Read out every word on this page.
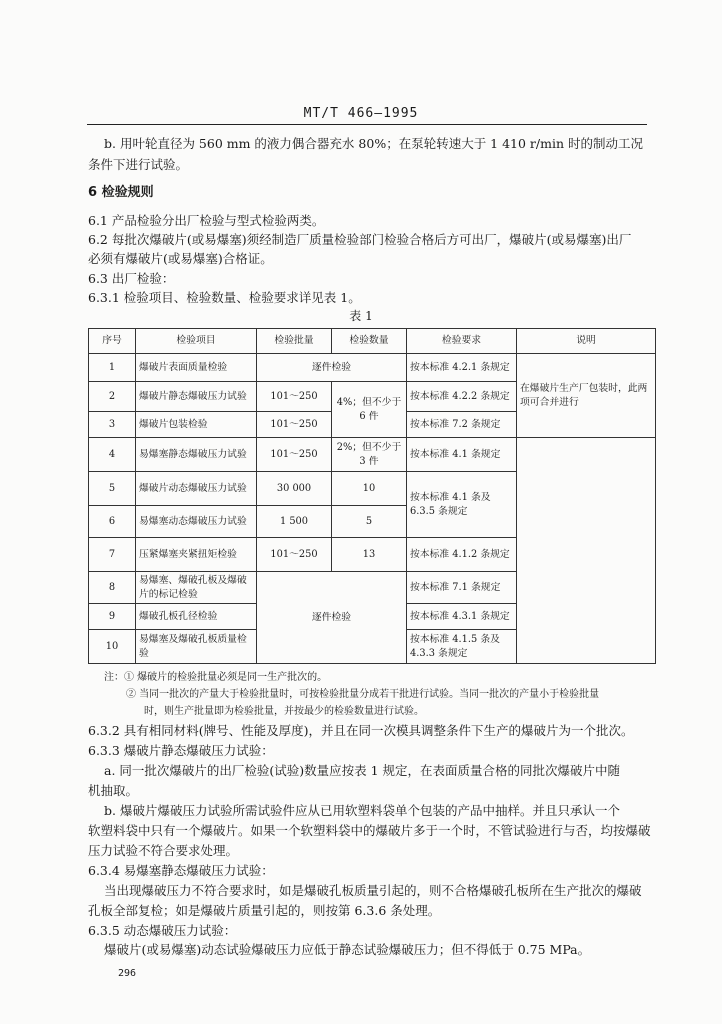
MT/T 466—1995
b. 用叶轮直径为 560 mm 的液力偶合器充水 80%；在泵轮转速大于 1 410 r/min 时的制动工况
条件下进行试验。
6 检验规则
6.1 产品检验分出厂检验与型式检验两类。
6.2 每批次爆破片(或易爆塞)须经制造厂质量检验部门检验合格后方可出厂，爆破片(或易爆塞)出厂
必须有爆破片(或易爆塞)合格证。
6.3 出厂检验：
6.3.1 检验项目、检验数量、检验要求详见表 1。
表 1
序号	检验项目	检验批量	检验数量	检验要求	说明
1	爆破片表面质量检验	逐件检验		按本标准 4.2.1 条规定	在爆破片生产厂包装时，此两项可合并进行
2	爆破片静态爆破压力试验	101～250	4%；但不少于 6 件	按本标准 4.2.2 条规定	
3	爆破片包装检验	101～250		按本标准 7.2 条规定	
4	易爆塞静态爆破压力试验	101～250	2%；但不少于 3 件	按本标准 4.1 条规定	
5	爆破片动态爆破压力试验	30 000	10	按本标准 4.1 条及 6.3.5 条规定	
6	易爆塞动态爆破压力试验	1 500	5		
7	压紧爆塞夹紧扭矩检验	101～250	13	按本标准 4.1.2 条规定	
8	易爆塞、爆破孔板及爆破片的标记检验	逐件检验		按本标准 7.1 条规定	
9	爆破孔板孔径检验			按本标准 4.3.1 条规定	
10	易爆塞及爆破孔板质量检验			按本标准 4.1.5 条及 4.3.3 条规定	
注：① 爆破片的检验批量必须是同一生产批次的。
② 当同一批次的产量大于检验批量时，可按检验批量分成若干批进行试验。当同一批次的产量小于检验批量
时，则生产批量即为检验批量，并按最少的检验数量进行试验。
6.3.2 具有相同材料(牌号、性能及厚度)，并且在同一次模具调整条件下生产的爆破片为一个批次。
6.3.3 爆破片静态爆破压力试验：
a. 同一批次爆破片的出厂检验(试验)数量应按表 1 规定，在表面质量合格的同批次爆破片中随
机抽取。
b. 爆破片爆破压力试验所需试验件应从已用软塑料袋单个包装的产品中抽样。并且只承认一个
软塑料袋中只有一个爆破片。如果一个软塑料袋中的爆破片多于一个时，不管试验进行与否，均按爆破
压力试验不符合要求处理。
6.3.4 易爆塞静态爆破压力试验：
当出现爆破压力不符合要求时，如是爆破孔板质量引起的，则不合格爆破孔板所在生产批次的爆破
孔板全部复检；如是爆破片质量引起的，则按第 6.3.6 条处理。
6.3.5 动态爆破压力试验：
爆破片(或易爆塞)动态试验爆破压力应低于静态试验爆破压力；但不得低于 0.75 MPa。
296
